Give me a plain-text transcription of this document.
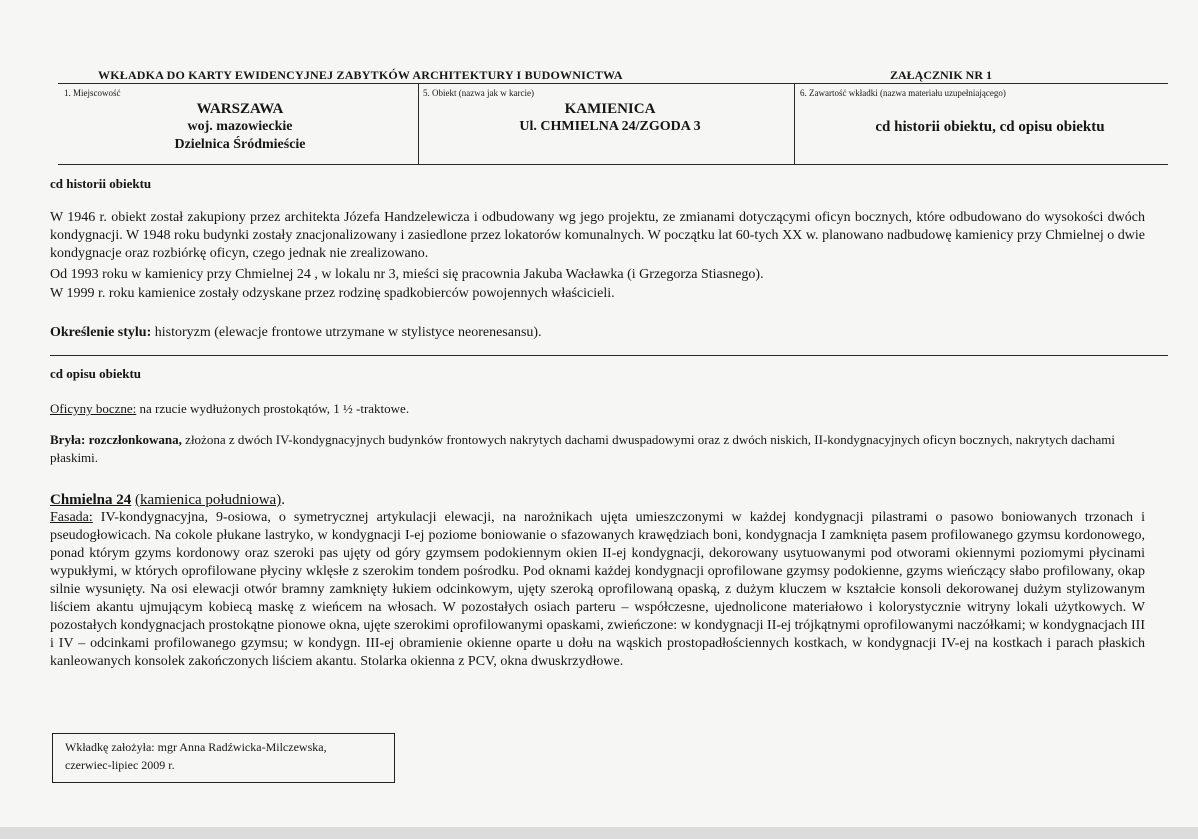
WKŁADKA DO KARTY EWIDENCYJNEJ ZABYTKÓW ARCHITEKTURY I BUDOWNICTWA	ZAŁĄCZNIK NR 1
1. Miejscowość
WARSZAWA
woj. mazowieckie
Dzielnica Śródmieście
5. Obiekt (nazwa jak w karcie)
KAMIENICA
Ul. CHMIELNA 24/ZGODA 3
6. Zawartość wkładki (nazwa materiału uzupełniającego)
cd historii obiektu, cd opisu obiektu
cd historii obiektu
W 1946 r. obiekt został zakupiony przez architekta Józefa Handzelewicza i odbudowany wg jego projektu, ze zmianami dotyczącymi oficyn bocznych, które odbudowano do wysokości dwóch kondygnacji. W 1948 roku budynki zostały znacjonalizowany i zasiedlone przez lokatorów komunalnych. W początku lat 60-tych XX w. planowano nadbudowę kamienicy przy Chmielnej o dwie kondygnacje oraz rozbiórkę oficyn, czego jednak nie zrealizowano.
Od 1993 roku w kamienicy przy Chmielnej 24 , w lokalu nr 3, mieści się pracownia Jakuba Wacławka (i Grzegorza Stiasnego).
W 1999 r. roku kamienice zostały odzyskane przez rodzinę spadkobierców powojennych właścicieli.
Określenie stylu: historyzm (elewacje frontowe utrzymane w stylistyce neorenesansu).
cd opisu obiektu
Oficyny boczne: na rzucie wydłużonych prostokątów, 1 ½ -traktowe.
Bryła: rozczłonkowana, złożona z dwóch IV-kondygnacyjnych budynków frontowych nakrytych dachami dwuspadowymi oraz z dwóch niskich, II-kondygnacyjnych oficyn bocznych, nakrytych dachami płaskimi.
Chmielna 24 (kamienica południowa).
Fasada: IV-kondygnacyjna, 9-osiowa, o symetrycznej artykulacji elewacji, na narożnikach ujęta umieszczonymi w każdej kondygnacji pilastrami o pasowo boniowanych trzonach i pseudogłowicach. Na cokole płukane lastryko, w kondygnacji I-ej poziome boniowanie o sfazowanych krawędziach boni, kondygnacja I zamknięta pasem profilowanego gzymsu kordonowego, ponad którym gzyms kordonowy oraz szeroki pas ujęty od góry gzymsem podokiennym okien II-ej kondygnacji, dekorowany usytuowanymi pod otworami okiennymi poziomymi płycinami wypukłymi, w których oprofilowane płyciny wklęsłe z szerokim tondem pośrodku. Pod oknami każdej kondygnacji oprofilowane gzymsy podokienne, gzyms wieńczący słabo profilowany, okap silnie wysunięty. Na osi elewacji otwór bramny zamknięty łukiem odcinkowym, ujęty szeroką oprofilowaną opaską, z dużym kluczem w kształcie konsoli dekorowanej dużym stylizowanym liściem akantu ujmującym kobiecą maskę z wieńcem na włosach. W pozostałych osiach parteru – współczesne, ujednolicone materiałowo i kolorystycznie witryny lokali użytkowych. W pozostałych kondygnacjach prostokątne pionowe okna, ujęte szerokimi oprofilowanymi opaskami, zwieńczone: w kondygnacji II-ej trójkątnymi oprofilowanymi naczółkami; w kondygnacjach III i IV – odcinkami profilowanego gzymsu; w kondygn. III-ej obramienie okienne oparte u dołu na wąskich prostopadłościennych kostkach, w kondygnacji IV-ej na kostkach i parach płaskich kanleowanych konsolek zakończonych liściem akantu. Stolarka okienna z PCV, okna dwuskrzydłowe.
Wkładkę założyła: mgr Anna Radźwicka-Milczewska,
czerwiec-lipiec 2009 r.
